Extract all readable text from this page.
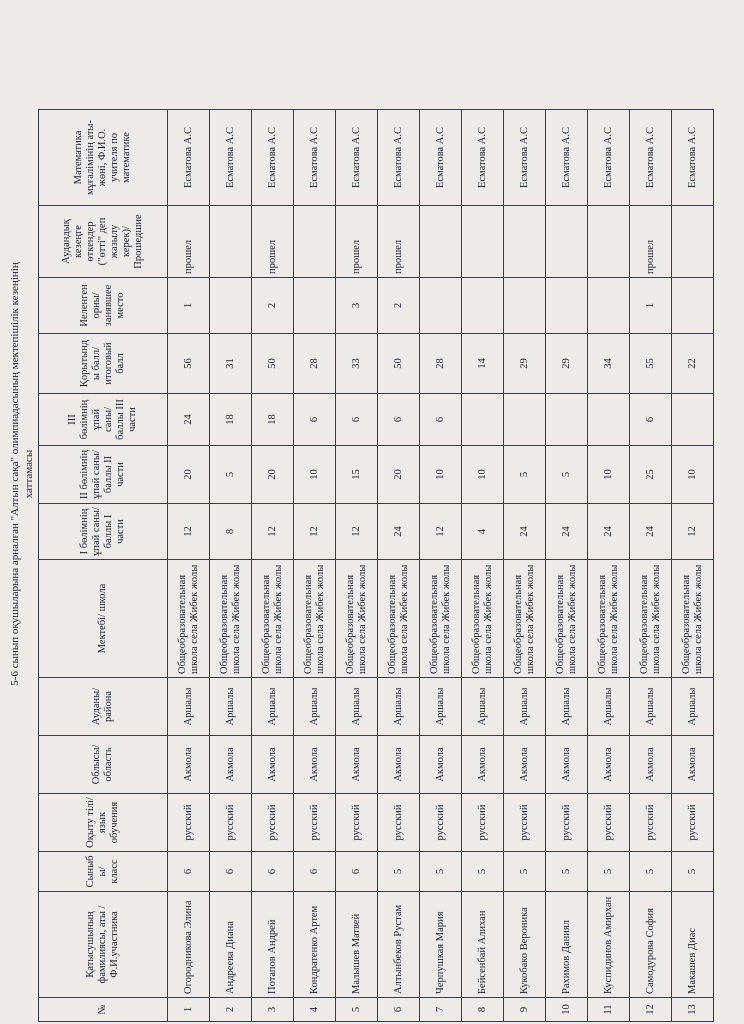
5-6 сынып оқушыларына арналған "Алтын сақа" олимпиадасының мектепішілік кезеңінің хаттамасы
№	Қатысушының фамилиясы, аты /Ф.И.участника	Сыныб ы/класс	Оқыту тілі/ язык обучения	Облысы/ область	Ауданы/ района	Мектебі/ школа	I бөлімнің ұпай саны/ баллы I части	II бөлімнің ұпай саны/ баллы II части	III бөлімнің ұпай саны/ баллы III части	Қорытынд ы балл/ итоговый балл	Иеленген орны/ занявшее место	Аудандық кезеңге өткендер ("өтті" деп жазылу керек)/ Прошедшие	Математика мұғалімінің аты-жөні, Ф.И.О. учителя по математике
1	Огородникова Элина	6	русский	Акмола	Аршалы	Общеобразовательная школа села Жибек жолы	12	20	24	56	1	прошел	Есматова А.С
2	Андреева Диана	6	русский	Акмола	Аршалы	Общеобразовательная школа села Жибек жолы	8	5	18	31			Есматова А.С
3	Потапов Андрей	6	русский	Акмола	Аршалы	Общеобразовательная школа села Жибек жолы	12	20	18	50	2	прошел	Есматова А.С
4	Кондратенко Артем	6	русский	Акмола	Аршалы	Общеобразовательная школа села Жибек жолы	12	10	6	28			Есматова А.С
5	Малышев Матвей	6	русский	Акмола	Аршалы	Общеобразовательная школа села Жибек жолы	12	15	6	33	3	прошел	Есматова А.С
6	Алтынбеков Рустам	5	русский	Акмола	Аршалы	Общеобразовательная школа села Жибек жолы	24	20	6	50	2	прошел	Есматова А.С
7	Черпушкая Мария	5	русский	Акмола	Аршалы	Общеобразовательная школа села Жибек жолы	12	10	6	28			Есматова А.С
8	Бейсенбай Алихан	5	русский	Акмола	Аршалы	Общеобразовательная школа села Жибек жолы	4	10		14			Есматова А.С
9	Кукобако Вероника	5	русский	Акмола	Аршалы	Общеобразовательная школа села Жибек жолы	24	5		29			Есматова А.С
10	Рахимов Даниял	5	русский	Акмола	Аршалы	Общеобразовательная школа села Жибек жолы	24	5		29			Есматова А.С
11	Куспидинов Амирхан	5	русский	Акмола	Аршалы	Общеобразовательная школа села Жибек жолы	24	10		34			Есматова А.С
12	Самодурова София	5	русский	Акмола	Аршалы	Общеобразовательная школа села Жибек жолы	24	25	6	55	1	прошел	Есматова А.С
13	Макашев Диас	5	русский	Акмола	Аршалы	Общеобразовательная школа села Жибек жолы	12	10		22			Есматова А.С
